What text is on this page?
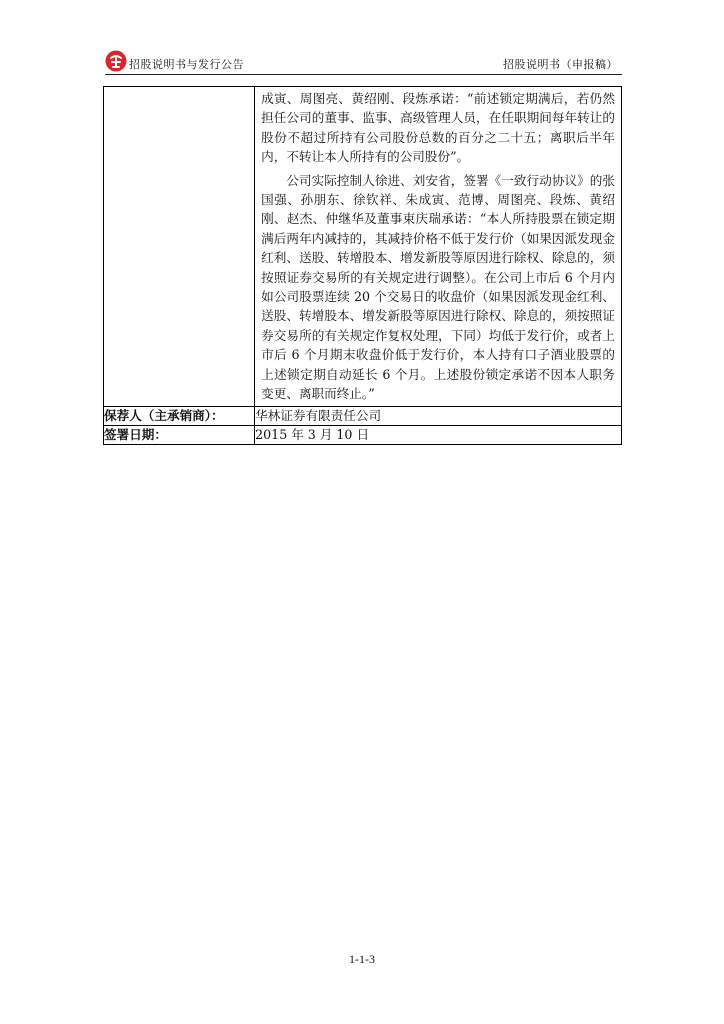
招股说明书与发行公告	招股说明书（申报稿）

	成寅、周图亮、黄绍刚、段炼承诺：“前述锁定期满后，若仍然担任公司的董事、监事、高级管理人员，在任职期间每年转让的股份不超过所持有公司股份总数的百分之二十五；离职后半年内，不转让本人所持有的公司股份”。

公司实际控制人徐进、刘安省，签署《一致行动协议》的张国强、孙朋东、徐钦祥、朱成寅、范博、周图亮、段炼、黄绍刚、赵杰、仲继华及董事束庆瑞承诺：“本人所持股票在锁定期满后两年内减持的，其减持价格不低于发行价（如果因派发现金红利、送股、转增股本、增发新股等原因进行除权、除息的，须按照证券交易所的有关规定进行调整）。在公司上市后 6 个月内如公司股票连续 20 个交易日的收盘价（如果因派发现金红利、送股、转增股本、增发新股等原因进行除权、除息的，须按照证券交易所的有关规定作复权处理，下同）均低于发行价，或者上市后 6 个月期末收盘价低于发行价，本人持有口子酒业股票的上述锁定期自动延长 6 个月。上述股份锁定承诺不因本人职务变更、离职而终止。”

保荐人（主承销商）：	华林证券有限责任公司
签署日期：	2015 年 3 月 10 日
1-1-3
